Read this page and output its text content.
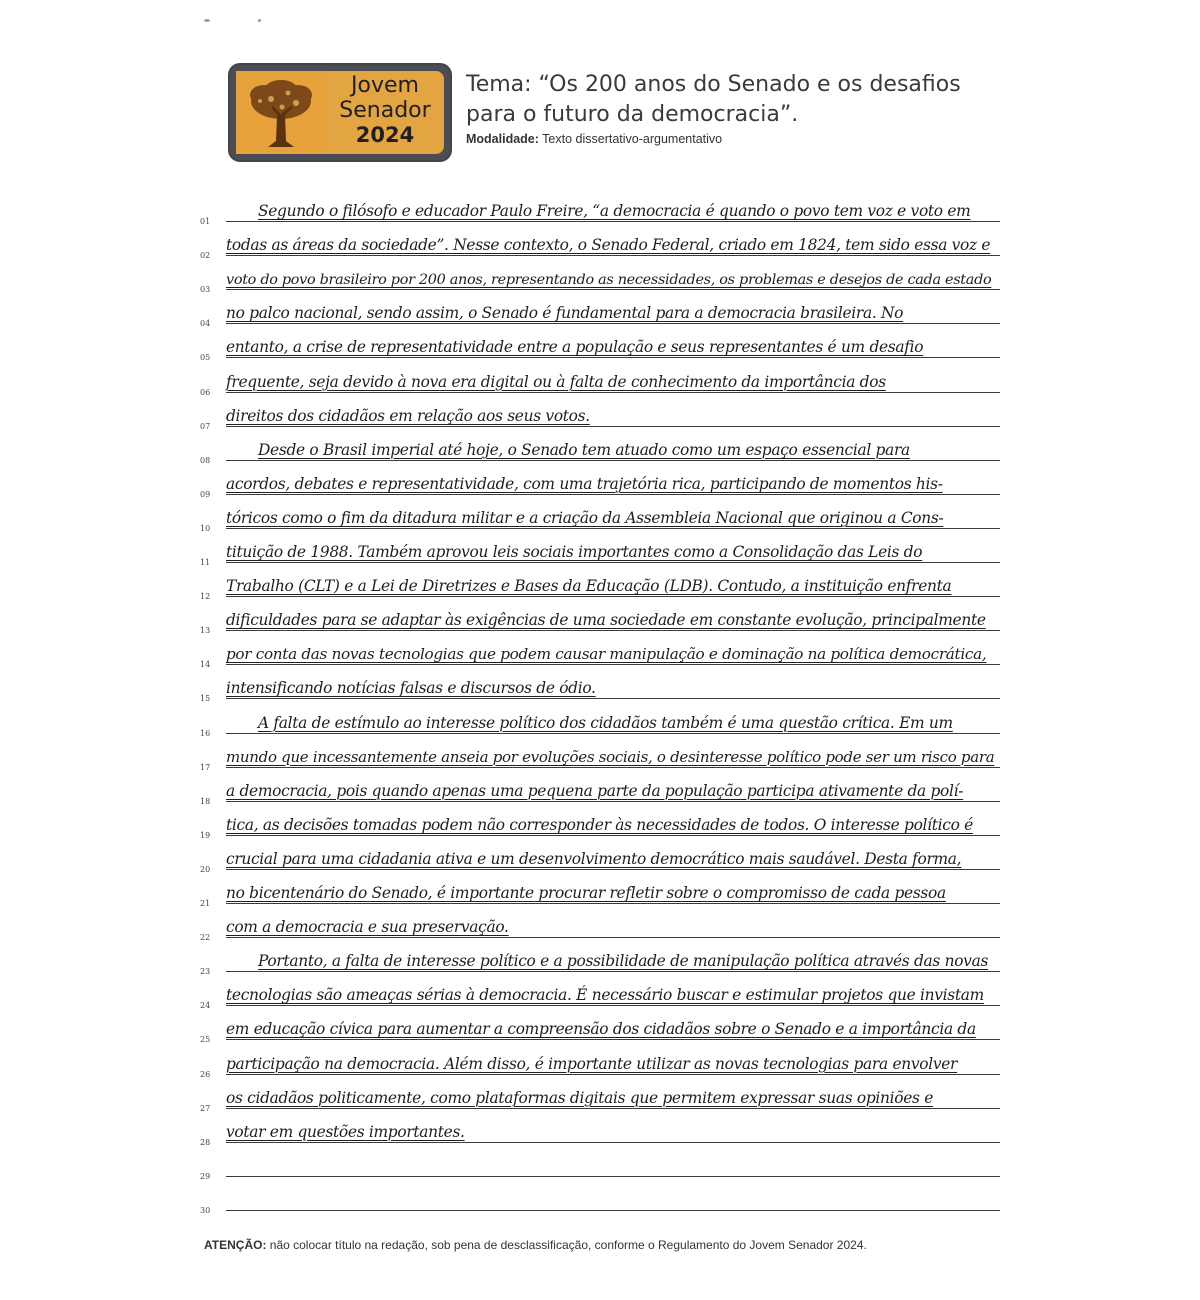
Jovem
Senador
2024
Tema: “Os 200 anos do Senado e os desafios para o futuro da democracia”.
Modalidade: Texto dissertativo-argumentativo
01
Segundo o filósofo e educador Paulo Freire, “a democracia é quando o povo tem voz e voto em
02
todas as áreas da sociedade”. Nesse contexto, o Senado Federal, criado em 1824, tem sido essa voz e
03
voto do povo brasileiro por 200 anos, representando as necessidades, os problemas e desejos de cada estado
04
no palco nacional, sendo assim, o Senado é fundamental para a democracia brasileira. No
05
entanto, a crise de representatividade entre a população e seus representantes é um desafio
06
frequente, seja devido à nova era digital ou à falta de conhecimento da importância dos
07
direitos dos cidadãos em relação aos seus votos.
08
Desde o Brasil imperial até hoje, o Senado tem atuado como um espaço essencial para
09
acordos, debates e representatividade, com uma trajetória rica, participando de momentos his-
10
tóricos como o fim da ditadura militar e a criação da Assembleia Nacional que originou a Cons-
11
tituição de 1988. Também aprovou leis sociais importantes como a Consolidação das Leis do
12
Trabalho (CLT) e a Lei de Diretrizes e Bases da Educação (LDB). Contudo, a instituição enfrenta
13
dificuldades para se adaptar às exigências de uma sociedade em constante evolução, principalmente
14
por conta das novas tecnologias que podem causar manipulação e dominação na política democrática,
15
intensificando notícias falsas e discursos de ódio.
16
A falta de estímulo ao interesse político dos cidadãos também é uma questão crítica. Em um
17
mundo que incessantemente anseia por evoluções sociais, o desinteresse político pode ser um risco para
18
a democracia, pois quando apenas uma pequena parte da população participa ativamente da polí-
19
tica, as decisões tomadas podem não corresponder às necessidades de todos. O interesse político é
20
crucial para uma cidadania ativa e um desenvolvimento democrático mais saudável. Desta forma,
21
no bicentenário do Senado, é importante procurar refletir sobre o compromisso de cada pessoa
22
com a democracia e sua preservação.
23
Portanto, a falta de interesse político e a possibilidade de manipulação política através das novas
24
tecnologias são ameaças sérias à democracia. É necessário buscar e estimular projetos que invistam
25
em educação cívica para aumentar a compreensão dos cidadãos sobre o Senado e a importância da
26
participação na democracia. Além disso, é importante utilizar as novas tecnologias para envolver
27
os cidadãos politicamente, como plataformas digitais que permitem expressar suas opiniões e
28
votar em questões importantes.
29
30
ATENÇÃO: não colocar título na redação, sob pena de desclassificação, conforme o Regulamento do Jovem Senador 2024.
